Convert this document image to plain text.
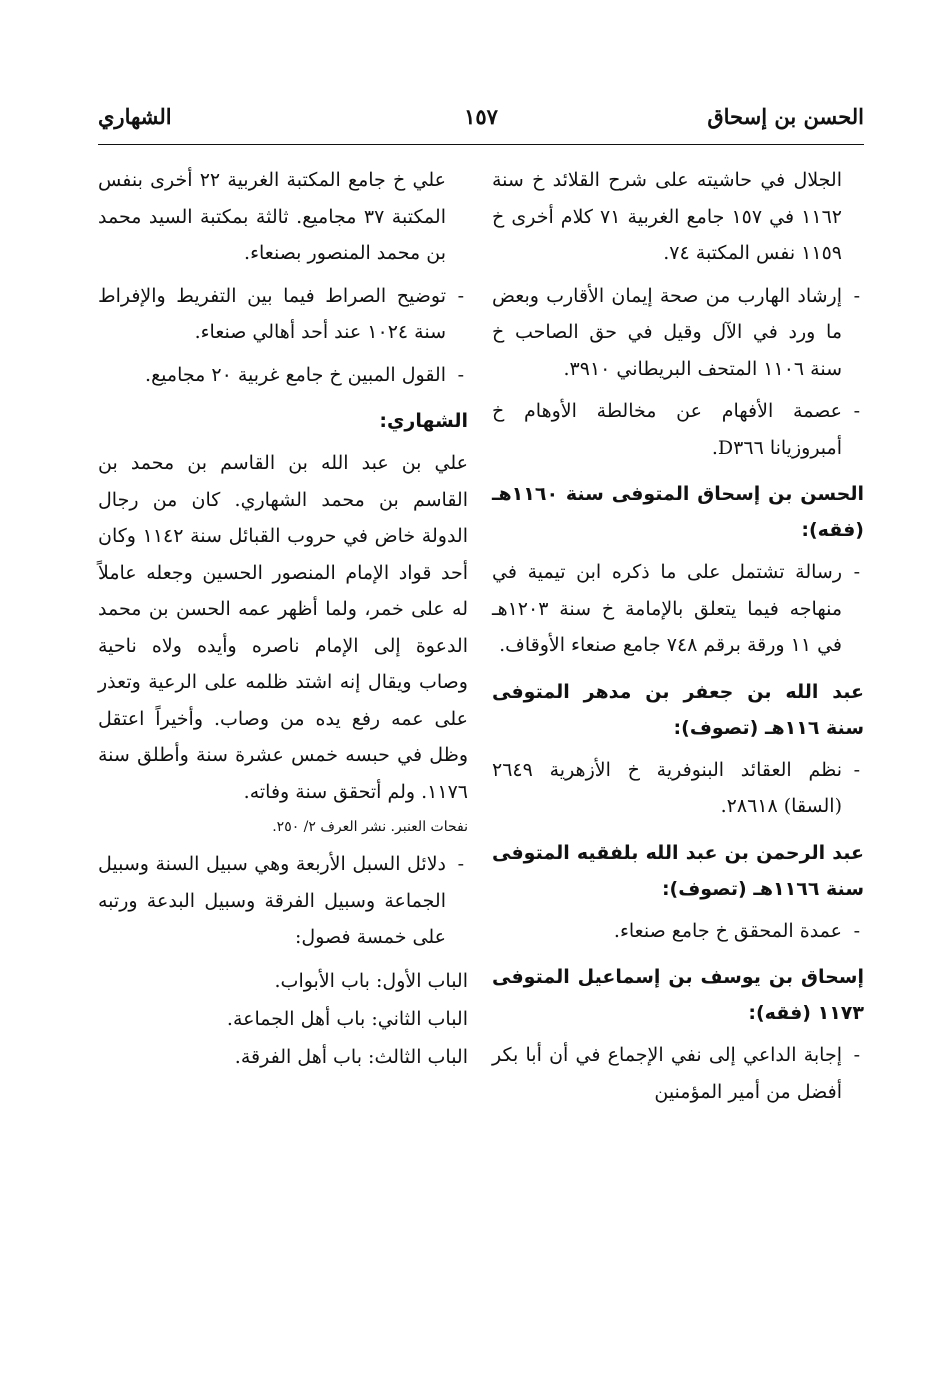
الحسن بن إسحاق
١٥٧
الشهاري
الجلال في حاشيته على شرح القلائد خ سنة ١١٦٢ في ١٥٧ جامع الغربية ٧١ كلام أخرى خ ١١٥٩ نفس المكتبة ٧٤.
- إرشاد الهارب من صحة إيمان الأقارب وبعض ما ورد في الآل وقيل في حق الصاحب خ سنة ١١٠٦ المتحف البريطاني ٣٩١٠.
- عصمة الأفهام عن مخالطة الأوهام خ أمبروزيانا D٣٦٦.
الحسن بن إسحاق المتوفى سنة ١١٦٠هـ (فقه):
- رسالة تشتمل على ما ذكره ابن تيمية في منهاجه فيما يتعلق بالإمامة خ سنة ١٢٠٣هـ في ١١ ورقة برقم ٧٤٨ جامع صنعاء الأوقاف.
عبد الله بن جعفر بن مدهر المتوفى سنة ١١٦هـ (تصوف):
- نظم العقائد البنوفرية خ الأزهرية ٢٦٤٩ (السقا) ٢٨٦١٨.
عبد الرحمن بن عبد الله بلفقيه المتوفى سنة ١١٦٦هـ (تصوف):
- عمدة المحقق خ جامع صنعاء.
إسحاق بن يوسف بن إسماعيل المتوفى ١١٧٣ (فقه):
- إجابة الداعي إلى نفي الإجماع في أن أبا بكر أفضل من أمير المؤمنين
علي خ جامع المكتبة الغربية ٢٢ أخرى بنفس المكتبة ٣٧ مجاميع. ثالثة بمكتبة السيد محمد بن محمد المنصور بصنعاء.
- توضيح الصراط فيما بين التفريط والإفراط سنة ١٠٢٤ عند أحد أهالي صنعاء.
- القول المبين خ جامع غربية ٢٠ مجاميع.
الشهاري:
علي بن عبد الله بن القاسم بن محمد بن القاسم بن محمد الشهاري. كان من رجال الدولة خاض في حروب القبائل سنة ١١٤٢ وكان أحد قواد الإمام المنصور الحسين وجعله عاملاً له على خمر، ولما أظهر عمه الحسن بن محمد الدعوة إلى الإمام ناصره وأيده ولاه ناحية وصاب ويقال إنه اشتد ظلمه على الرعية وتعذر على عمه رفع يده من وصاب. وأخيراً اعتقل وظل في حبسه خمس عشرة سنة وأطلق سنة ١١٧٦. ولم أتحقق سنة وفاته.
نفحات العنبر. نشر العرف ٢/ ٢٥٠.
- دلائل السبل الأربعة وهي سبيل السنة وسبيل الجماعة وسبيل الفرقة وسبيل البدعة ورتبه على خمسة فصول:
الباب الأول: باب الأبواب.
الباب الثاني: باب أهل الجماعة.
الباب الثالث: باب أهل الفرقة.
